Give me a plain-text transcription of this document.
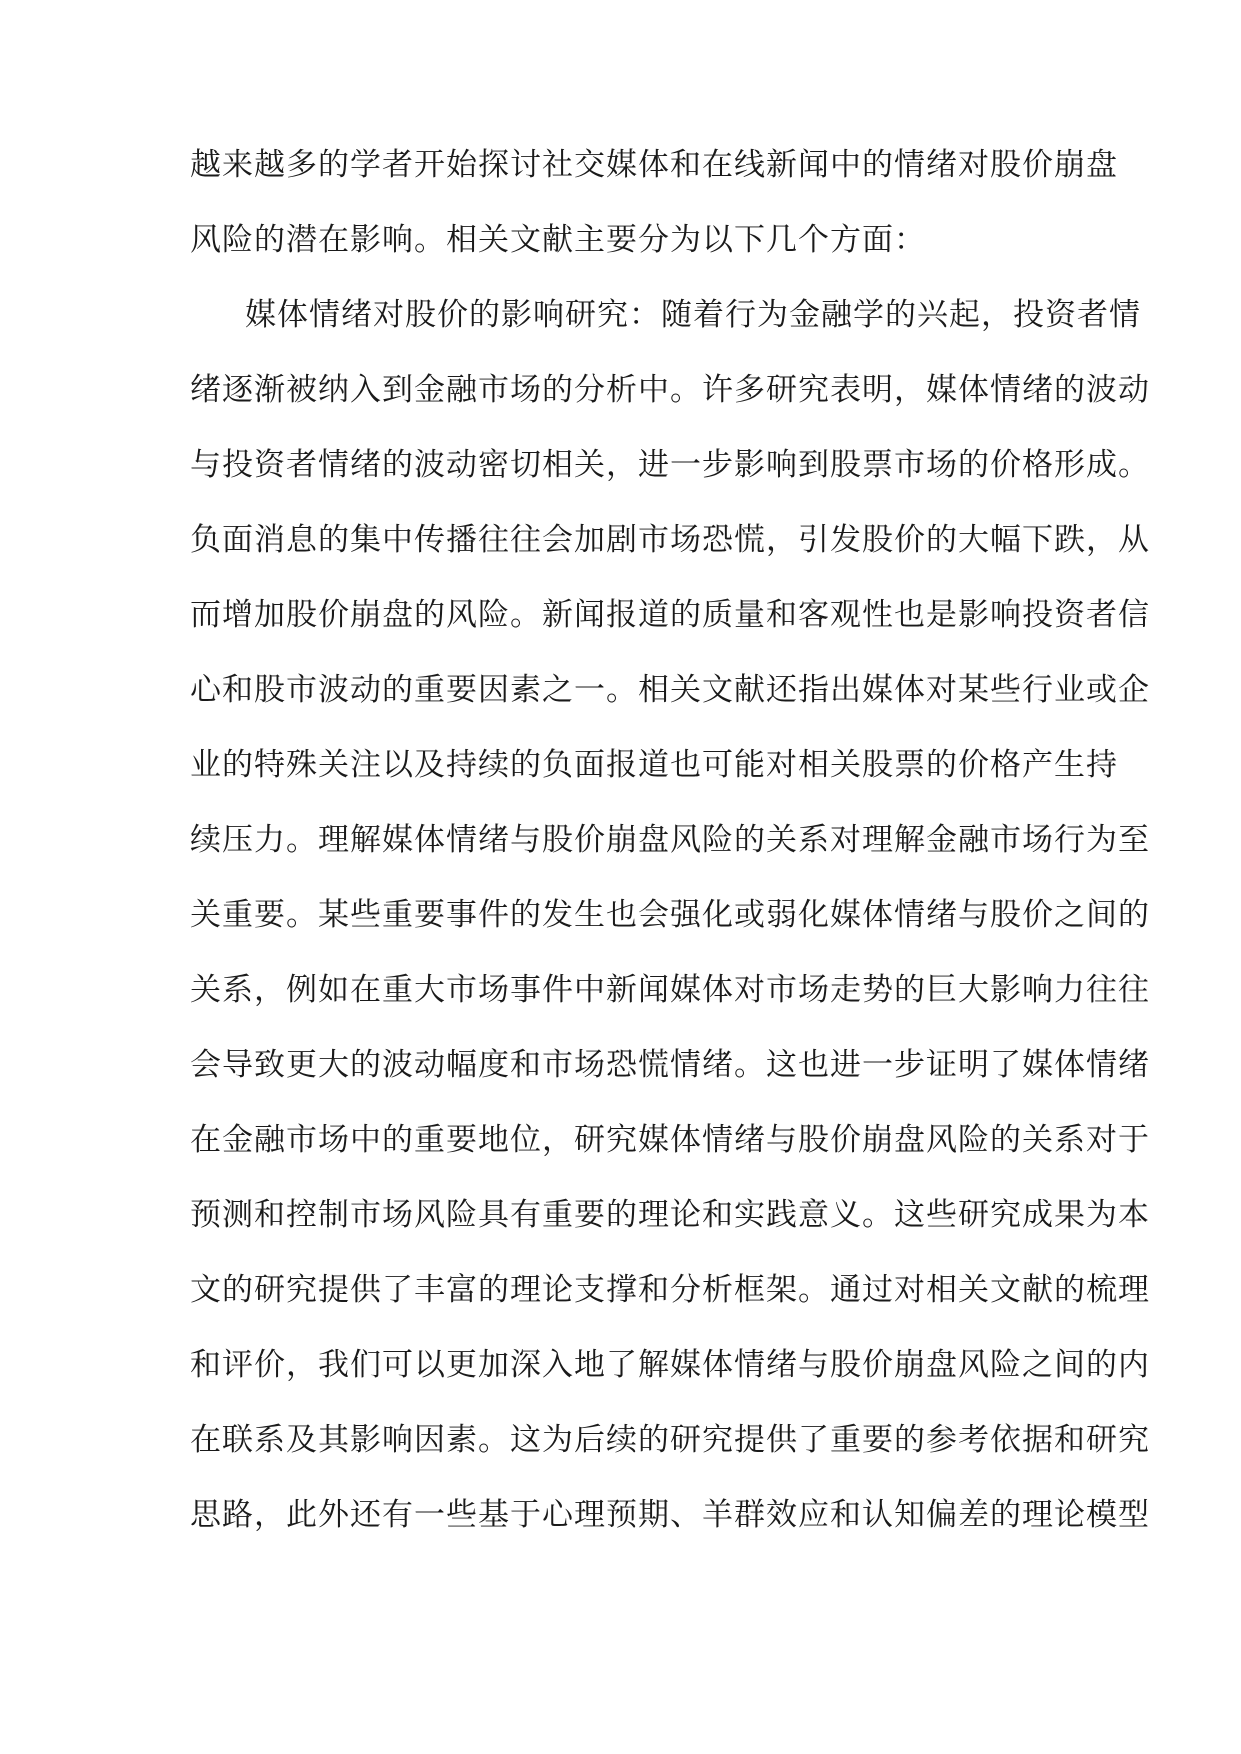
越来越多的学者开始探讨社交媒体和在线新闻中的情绪对股价崩盘
风险的潜在影响。相关文献主要分为以下几个方面：
媒体情绪对股价的影响研究：随着行为金融学的兴起，投资者情
绪逐渐被纳入到金融市场的分析中。许多研究表明，媒体情绪的波动
与投资者情绪的波动密切相关，进一步影响到股票市场的价格形成。
负面消息的集中传播往往会加剧市场恐慌，引发股价的大幅下跌，从
而增加股价崩盘的风险。新闻报道的质量和客观性也是影响投资者信
心和股市波动的重要因素之一。相关文献还指出媒体对某些行业或企
业的特殊关注以及持续的负面报道也可能对相关股票的价格产生持
续压力。理解媒体情绪与股价崩盘风险的关系对理解金融市场行为至
关重要。某些重要事件的发生也会强化或弱化媒体情绪与股价之间的
关系，例如在重大市场事件中新闻媒体对市场走势的巨大影响力往往
会导致更大的波动幅度和市场恐慌情绪。这也进一步证明了媒体情绪
在金融市场中的重要地位，研究媒体情绪与股价崩盘风险的关系对于
预测和控制市场风险具有重要的理论和实践意义。这些研究成果为本
文的研究提供了丰富的理论支撑和分析框架。通过对相关文献的梳理
和评价，我们可以更加深入地了解媒体情绪与股价崩盘风险之间的内
在联系及其影响因素。这为后续的研究提供了重要的参考依据和研究
思路，此外还有一些基于心理预期、羊群效应和认知偏差的理论模型
